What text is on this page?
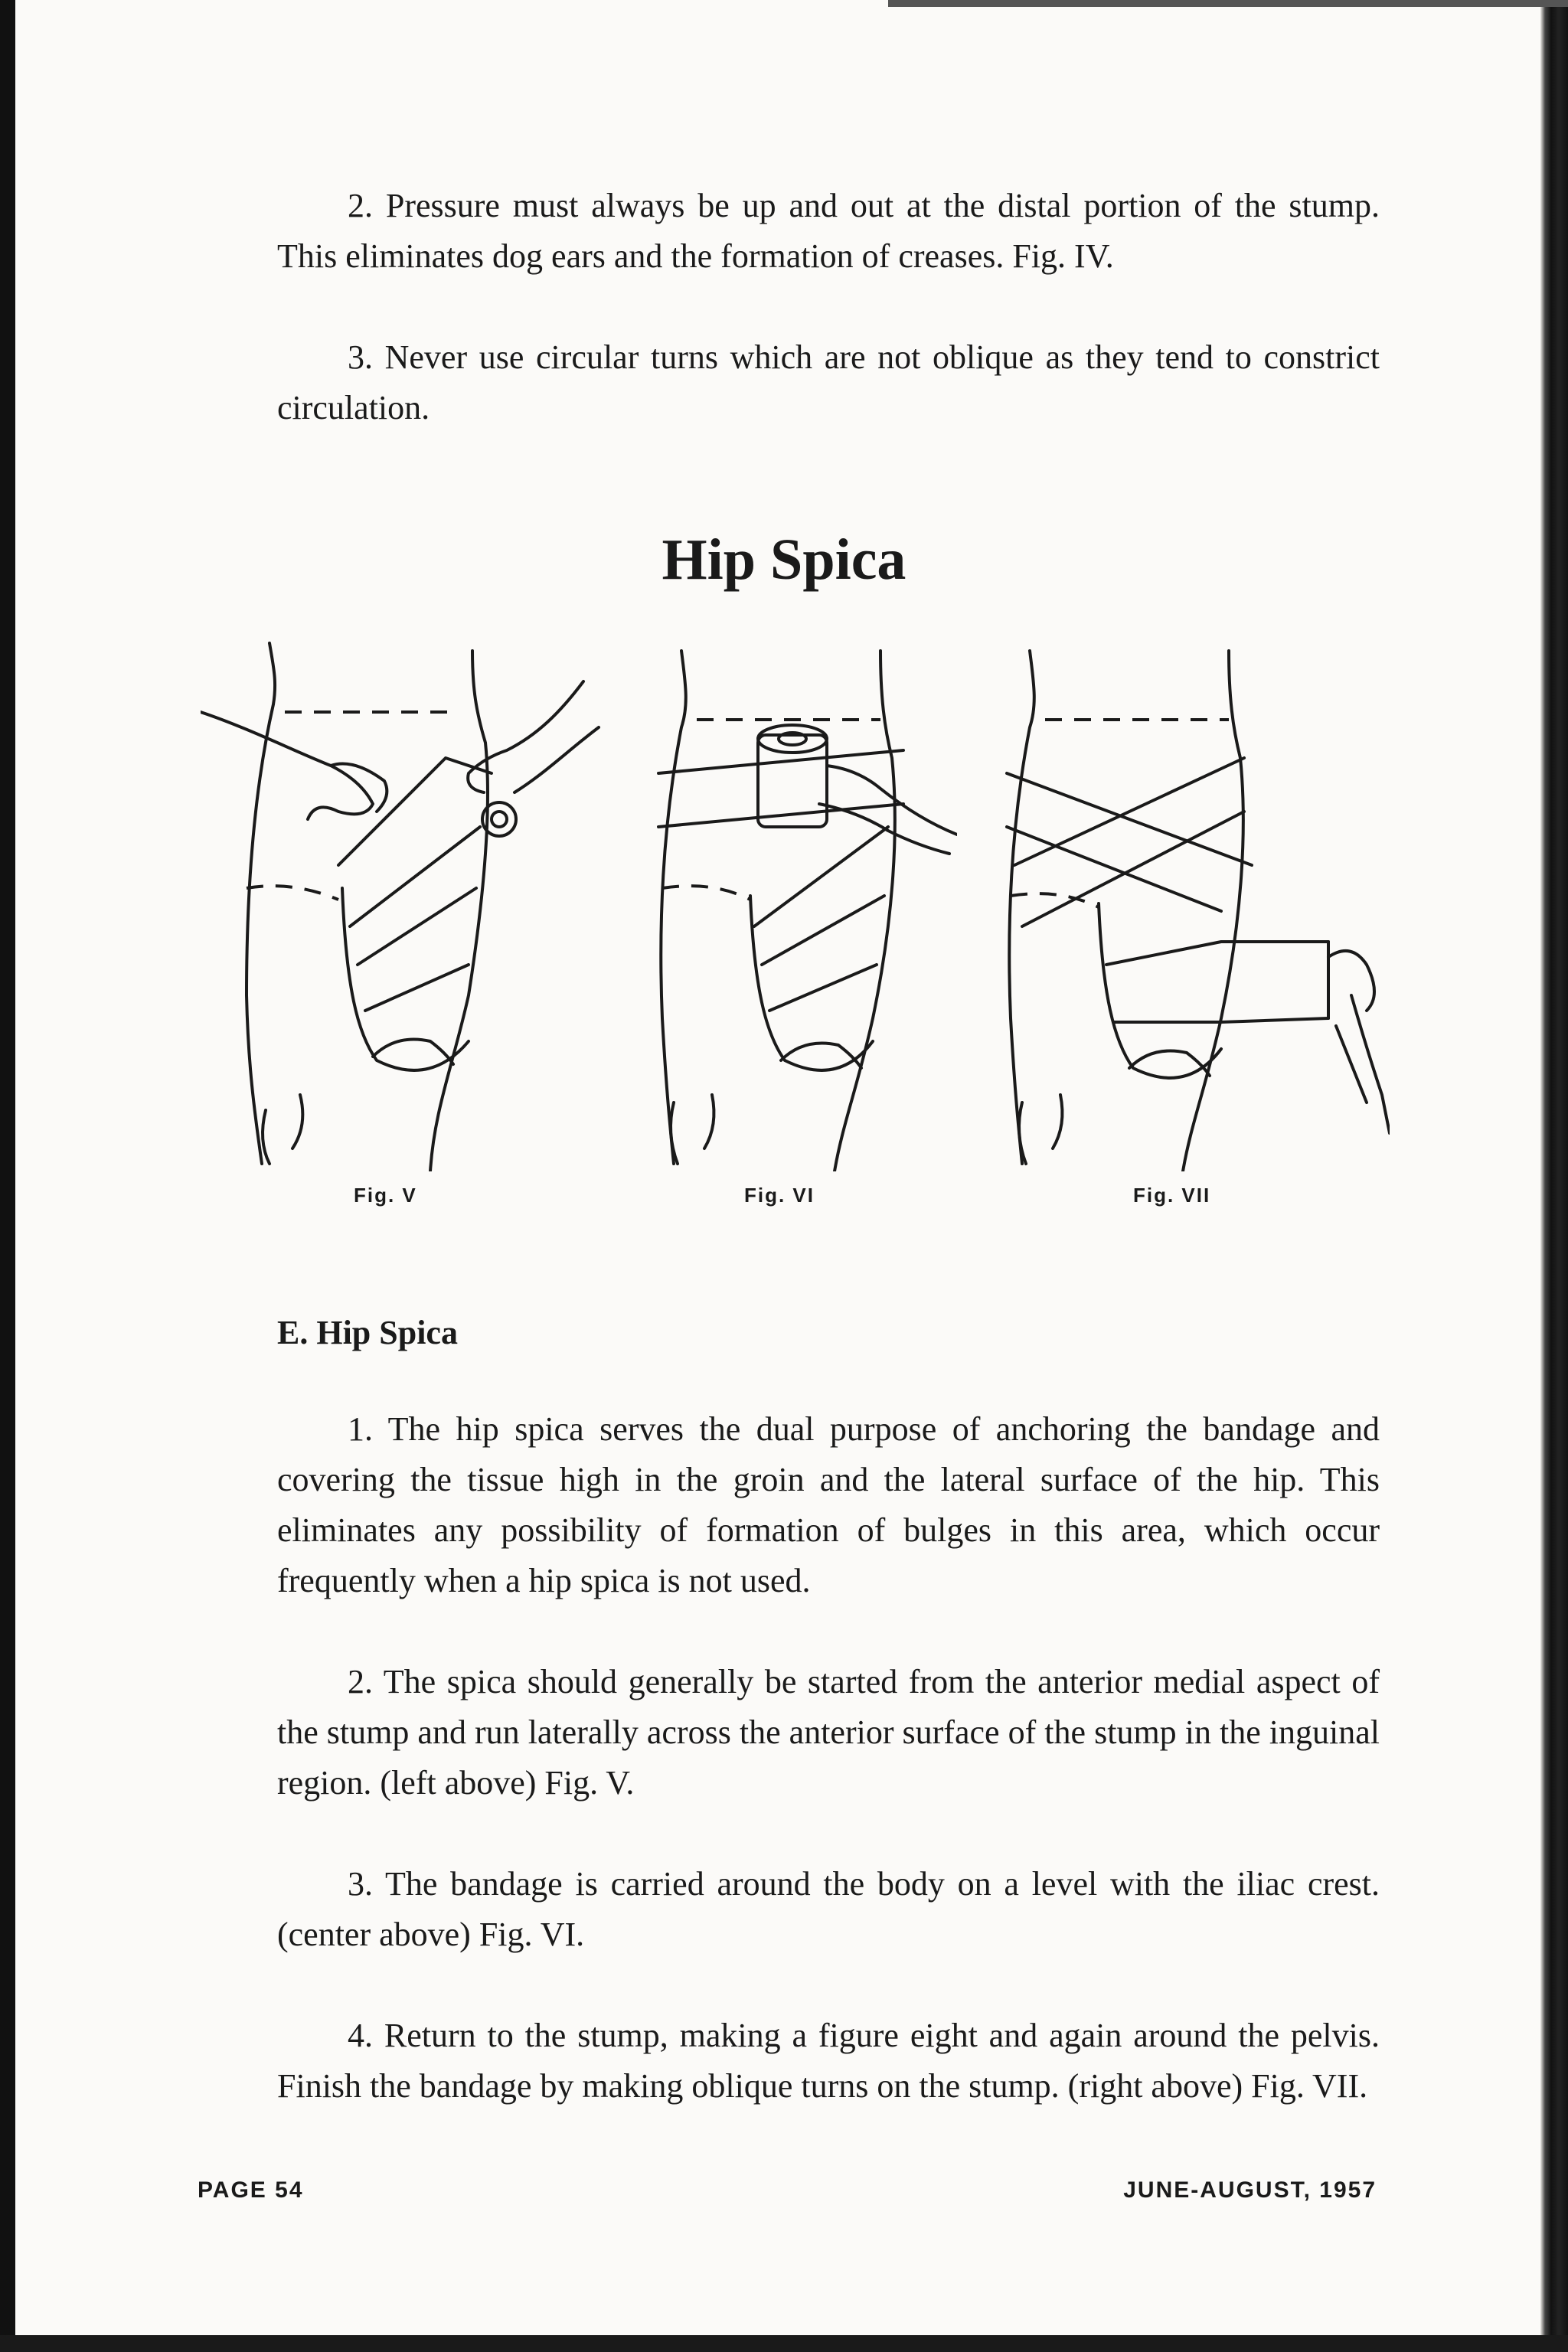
2. Pressure must always be up and out at the distal portion of the stump. This eliminates dog ears and the formation of creases. Fig. IV.

3. Never use circular turns which are not oblique as they tend to constrict circulation.

Hip Spica
Fig. V	Fig. VI	Fig. VII
E. Hip Spica

1. The hip spica serves the dual purpose of anchoring the bandage and covering the tissue high in the groin and the lateral surface of the hip. This eliminates any possibility of formation of bulges in this area, which occur frequently when a hip spica is not used.

2. The spica should generally be started from the anterior medial aspect of the stump and run laterally across the anterior surface of the stump in the inguinal region. (left above) Fig. V.

3. The bandage is carried around the body on a level with the iliac crest. (center above) Fig. VI.

4. Return to the stump, making a figure eight and again around the pelvis. Finish the bandage by making oblique turns on the stump. (right above) Fig. VII.

PAGE 54	JUNE-AUGUST, 1957
